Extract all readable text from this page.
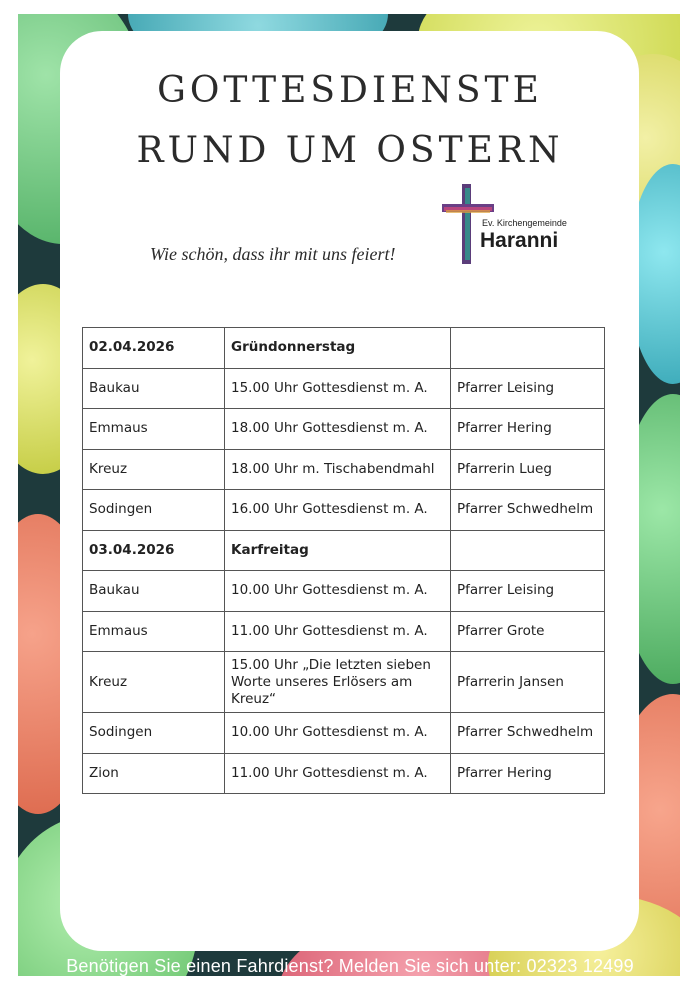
GOTTESDIENSTE
RUND UM OSTERN
Ev. Kirchengemeinde
Haranni
Wie schön, dass ihr mit uns feiert!
02.04.2026	Gründonnerstag	
Baukau	15.00 Uhr Gottesdienst m. A.	Pfarrer Leising
Emmaus	18.00 Uhr Gottesdienst m. A.	Pfarrer Hering
Kreuz	18.00 Uhr m. Tischabendmahl	Pfarrerin Lueg
Sodingen	16.00 Uhr Gottesdienst m. A.	Pfarrer Schwedhelm
03.04.2026	Karfreitag	
Baukau	10.00 Uhr Gottesdienst m. A.	Pfarrer Leising
Emmaus	11.00 Uhr Gottesdienst m. A.	Pfarrer Grote
Kreuz	15.00 Uhr „Die letzten sieben Worte unseres Erlösers am Kreuz“	Pfarrerin Jansen
Sodingen	10.00 Uhr Gottesdienst m. A.	Pfarrer Schwedhelm
Zion	11.00 Uhr Gottesdienst m. A.	Pfarrer Hering
Benötigen Sie einen Fahrdienst? Melden Sie sich unter: 02323 12499
